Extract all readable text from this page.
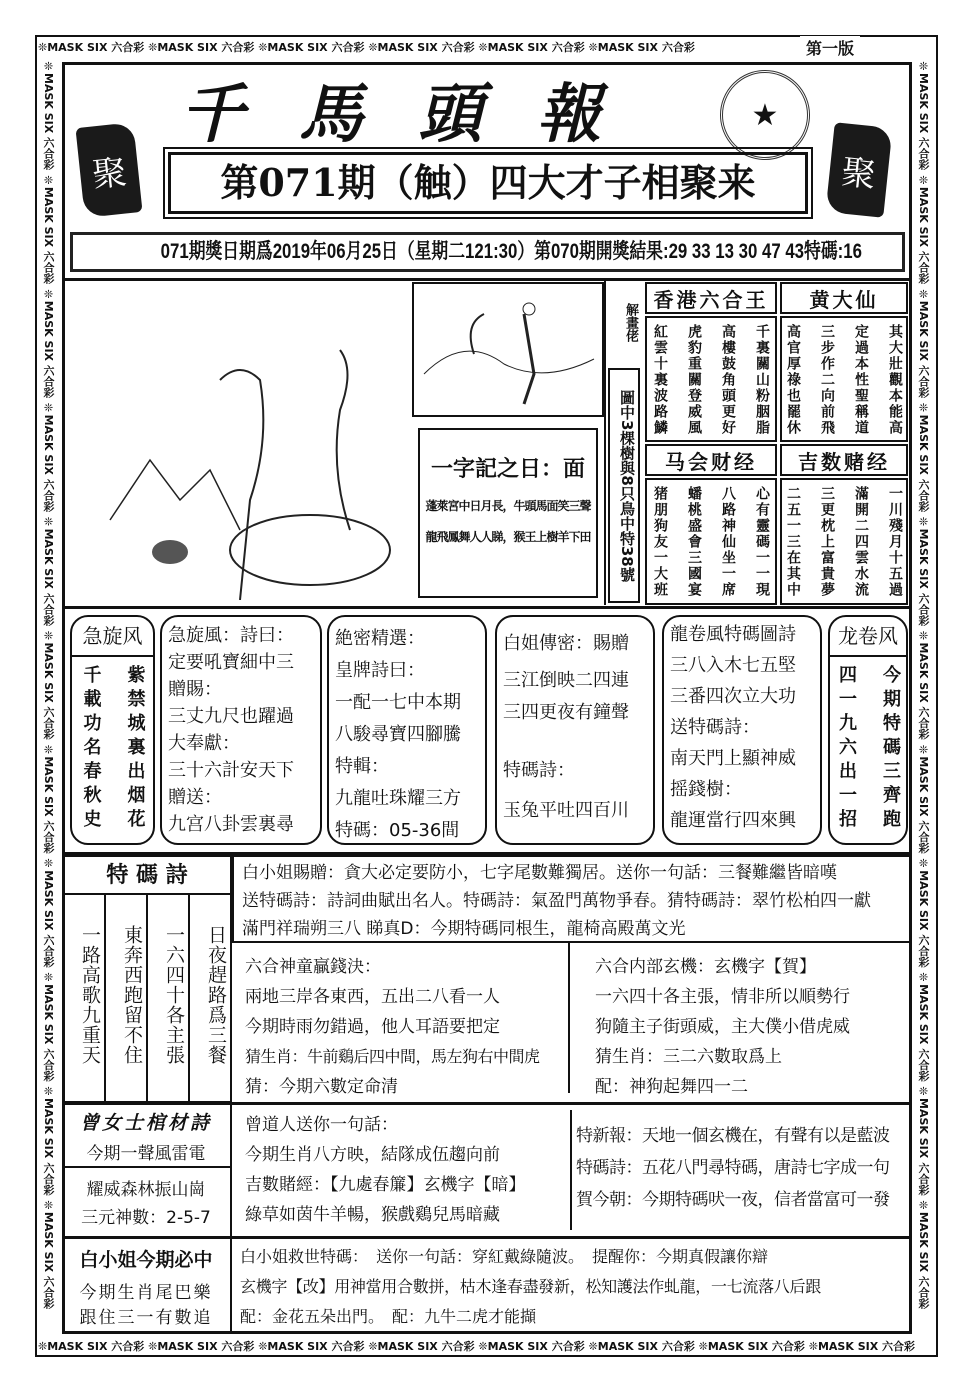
❊MASK SIX 六合彩 ❊MASK SIX 六合彩 ❊MASK SIX 六合彩 ❊MASK SIX 六合彩 ❊MASK SIX 六合彩 ❊MASK SIX 六合彩
❊MASK SIX 六合彩 ❊MASK SIX 六合彩 ❊MASK SIX 六合彩 ❊MASK SIX 六合彩 ❊MASK SIX 六合彩 ❊MASK SIX 六合彩 ❊MASK SIX 六合彩 ❊MASK SIX 六合彩
❊MASK SIX 六合彩 ❊MASK SIX 六合彩 ❊MASK SIX 六合彩 ❊MASK SIX 六合彩 ❊MASK SIX 六合彩 ❊MASK SIX 六合彩 ❊MASK SIX 六合彩 ❊MASK SIX 六合彩 ❊MASK SIX 六合彩 ❊MASK SIX 六合彩 ❊MASK SIX 六合彩	❊MASK SIX 六合彩 ❊MASK SIX 六合彩 ❊MASK SIX 六合彩 ❊MASK SIX 六合彩 ❊MASK SIX 六合彩 ❊MASK SIX 六合彩 ❊MASK SIX 六合彩 ❊MASK SIX 六合彩 ❊MASK SIX 六合彩 ❊MASK SIX 六合彩 ❊MASK SIX 六合彩
第一版
聚	聚
千馬頭報	★
第071期（触）四大才子相聚来
071期獎日期爲2019年06月25日（星期二121:30）第070期開獎結果:29 33 13 30 47 43特碼:16
解畫佬
圖中3棵樹與8只鳥中特38號
一字記之日：面
蓬萊宮中日月長，牛頭馬面笑三聲
龍飛鳳舞人人睇，猴王上樹羊下田
香港六合王
千裏關山粉胭脂
高樓鼓角頭更好
虎豹重關登威風
紅雲十裏波路鱗
黄大仙
其大壯觀本能高
定過本性聖稱道
三步作二向前飛
高官厚祿也罷休
马会财经
心有靈碼一一現
八路神仙坐一席
蟠桃盛會三國宴
猪朋狗友一大班
吉数赌经
一川殘月十五過
滿開二四雲水流
三更枕上富貴夢
二五一三在其中
急旋风
紫禁城裏出烟花
千載功名春秋史
急旋風：詩曰：
定要吼寶細中三
贈賜：
三丈九尺也躍過
大奉獻：
三十六計安天下
贈送：
九宫八卦雲裏尋
絶密精選：
皇牌詩曰：
一配一七中本期
八駿尋寶四腳騰
特輯：
九龍吐珠耀三方
特碼：05-36間
白姐傳密：賜贈
三江倒映二四連
三四更夜有鐘聲
特碼詩：
玉兔平吐四百川
龍卷風特碼圖詩
三八入木七五堅
三番四次立大功
送特碼詩：
南天門上顯神威
摇錢樹：
龍運當行四來興
龙卷风
今期特碼三齊跑
四一九六出一招
特 碼 詩
日夜趕路爲三餐
一六四十各主張
東奔西跑留不住
一路高歌九重天
白小姐賜贈：貪大必定要防小，七字尾數難獨居。送你一句話：三餐難繼皆暗嘆
送特碼詩：詩詞曲賦出名人。特碼詩：氣盈門萬物爭春。猜特碼詩：翠竹松柏四一獻
滿門祥瑞朔三八 睇真D：今期特碼同根生，龍椅高殿萬文光
六合神童贏錢決：
兩地三岸各東西，五出二八看一人
今期時雨勿錯過，他人耳語要把定
猜生肖：牛前鷄后四中間，馬左狗右中間虎
猜：今期六數定命清
六合内部玄機：玄機字【賀】
一六四十各主張，情非所以順勢行
狗隨主子街頭威，主大僕小借虎威
猜生肖：三二六數取爲上
配：神狗起舞四一二
曾女士棺材詩
今期一聲風雷電
耀威森林振山崗
三元神數：2-5-7
曾道人送你一句話：
今期生肖八方映，結隊成伍趨向前
吉數賭經：【九處春簾】玄機字【暗】
綠草如茵牛羊暢，猴戲鷄兒馬暗藏
特新報：天地一個玄機在，有聲有以是藍波
特碼詩：五花八門尋特碼，唐詩七字成一句
賀今朝：今期特碼吠一夜，信者當富可一發
白小姐今期必中
今期生肖尾巴樂
跟住三一有數追
白小姐救世特碼：　送你一句話：穿紅戴綠隨波。　提醒你：今期真假讓你辯
玄機字【改】用神當用合數拼，枯木逢春盡發新，松知護法作虬龍，一七流落八后跟
配：金花五朵出門。　配：九牛二虎才能擷
